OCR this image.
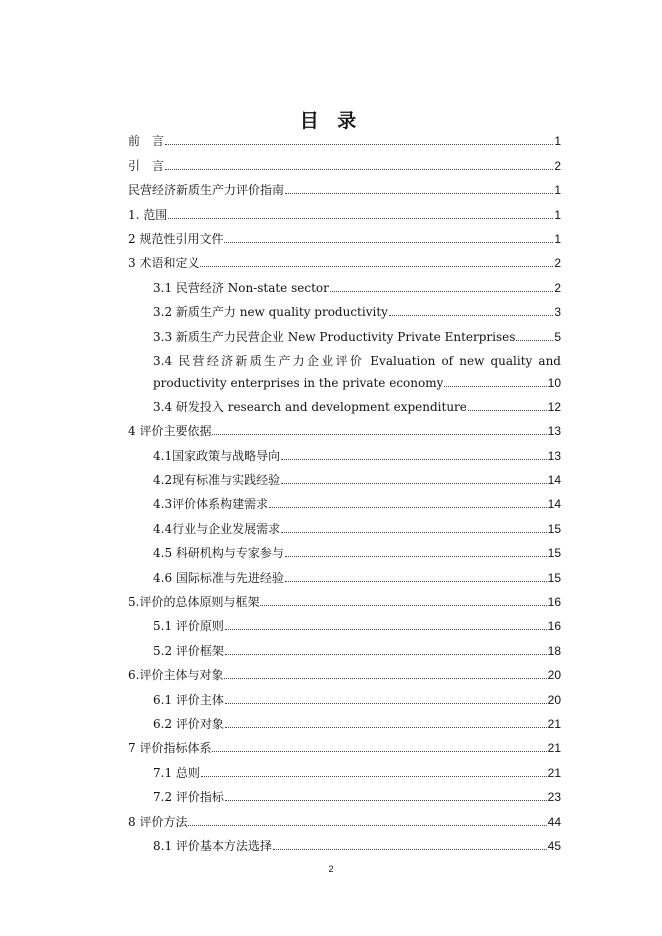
目 录
前　言	1
引　言	2
民营经济新质生产力评价指南	1
1. 范围	1
2 规范性引用文件	1
3 术语和定义	2
3.1 民营经济 Non-state sector	2
3.2 新质生产力 new quality productivity	3
3.3 新质生产力民营企业 New Productivity Private Enterprises	5
3.4 民营经济新质生产力企业评价 Evaluation of new quality and
productivity enterprises in the private economy	10
3.4 研发投入 research and development expenditure	12
4 评价主要依据	13
4.1国家政策与战略导向	13
4.2现有标准与实践经验	14
4.3评价体系构建需求	14
4.4行业与企业发展需求	15
4.5 科研机构与专家参与	15
4.6 国际标准与先进经验	15
5.评价的总体原则与框架	16
5.1 评价原则	16
5.2 评价框架	18
6.评价主体与对象	20
6.1 评价主体	20
6.2 评价对象	21
7 评价指标体系	21
7.1 总则	21
7.2 评价指标	23
8 评价方法	44
8.1 评价基本方法选择	45
2
